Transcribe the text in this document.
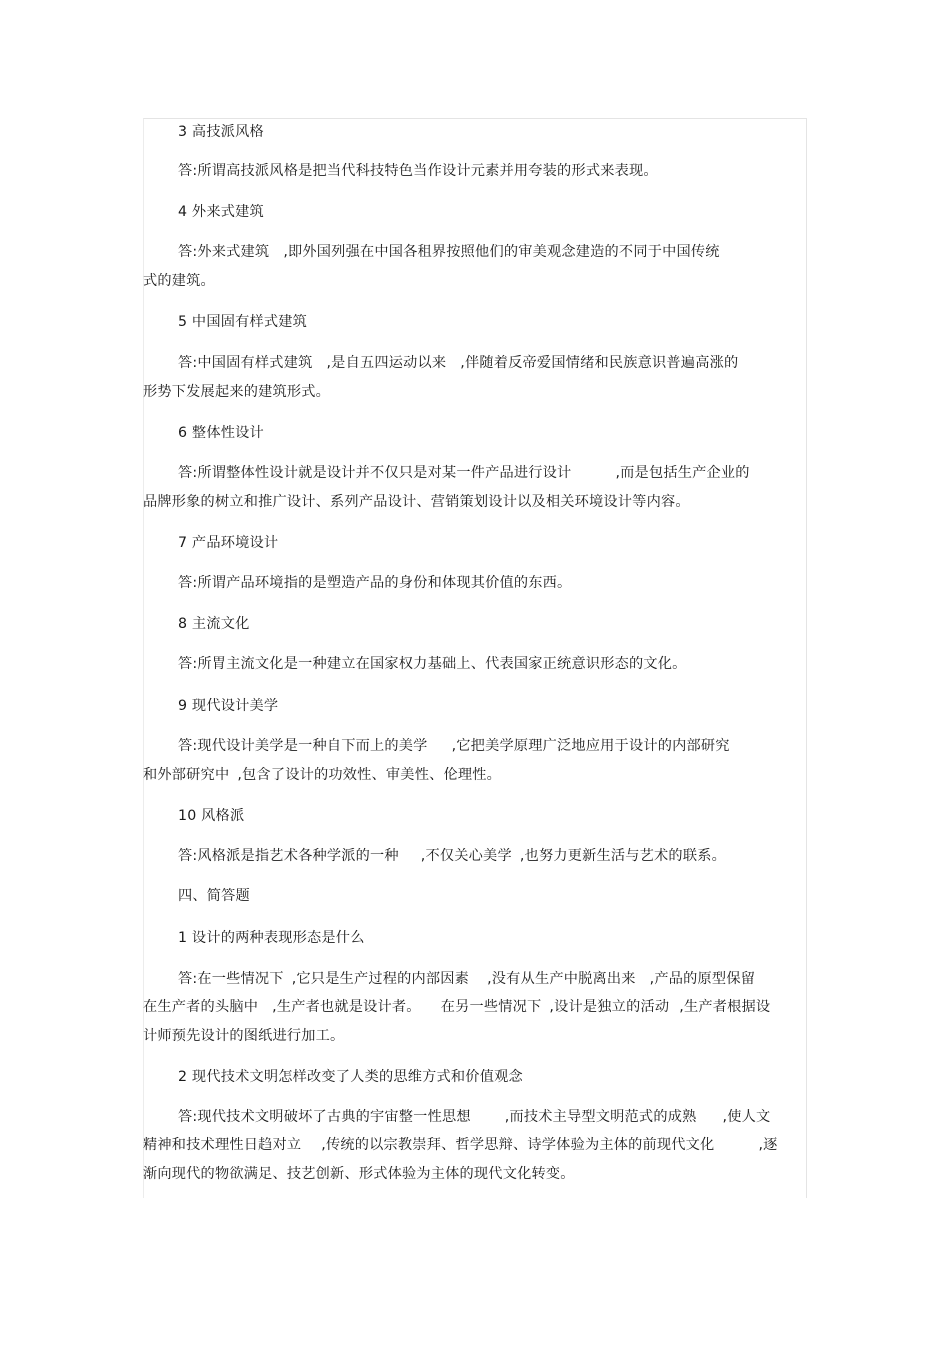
3 高技派风格
答:所谓高技派风格是把当代科技特色当作设计元素并用夸装的形式来表现。
4 外来式建筑
答:外来式建筑 ,即外国列强在中国各租界按照他们的审美观念建造的不同于中国传统
式的建筑。
5 中国固有样式建筑
答:中国固有样式建筑 ,是自五四运动以来 ,伴随着反帝爱国情绪和民族意识普遍高涨的
形势下发展起来的建筑形式。
6 整体性设计
答:所谓整体性设计就是设计并不仅只是对某一件产品进行设计	,而是包括生产企业的
品牌形象的树立和推广设计、系列产品设计、营销策划设计以及相关环境设计等内容。
7 产品环境设计
答:所谓产品环境指的是塑造产品的身份和体现其价值的东西。
8 主流文化
答:所胃主流文化是一种建立在国家权力基础上、代表国家正统意识形态的文化。
9 现代设计美学
答:现代设计美学是一种自下而上的美学 ,它把美学原理广泛地应用于设计的内部研究
和外部研究中 ,包含了设计的功效性、审美性、伦理性。
10 风格派
答:风格派是指艺术各种学派的一种 ,不仅关心美学 ,也努力更新生活与艺术的联系。
四、简答题
1 设计的两种表现形态是什么
答:在一些情况下 ,它只是生产过程的内部因素 ,没有从生产中脱离出来 ,产品的原型保留
在生产者的头脑中 ,生产者也就是设计者。 在另一些情况下 ,设计是独立的活动 ,生产者根据设
计师预先设计的图纸进行加工。
2 现代技术文明怎样改变了人类的思维方式和价值观念
答:现代技术文明破坏了古典的宇宙整一性思想 ,而技术主导型文明范式的成熟 ,使人文
精神和技术理性日趋对立 ,传统的以宗教崇拜、哲学思辩、诗学体验为主体的前现代文化	,逐
渐向现代的物欲满足、技艺创新、形式体验为主体的现代文化转变。
